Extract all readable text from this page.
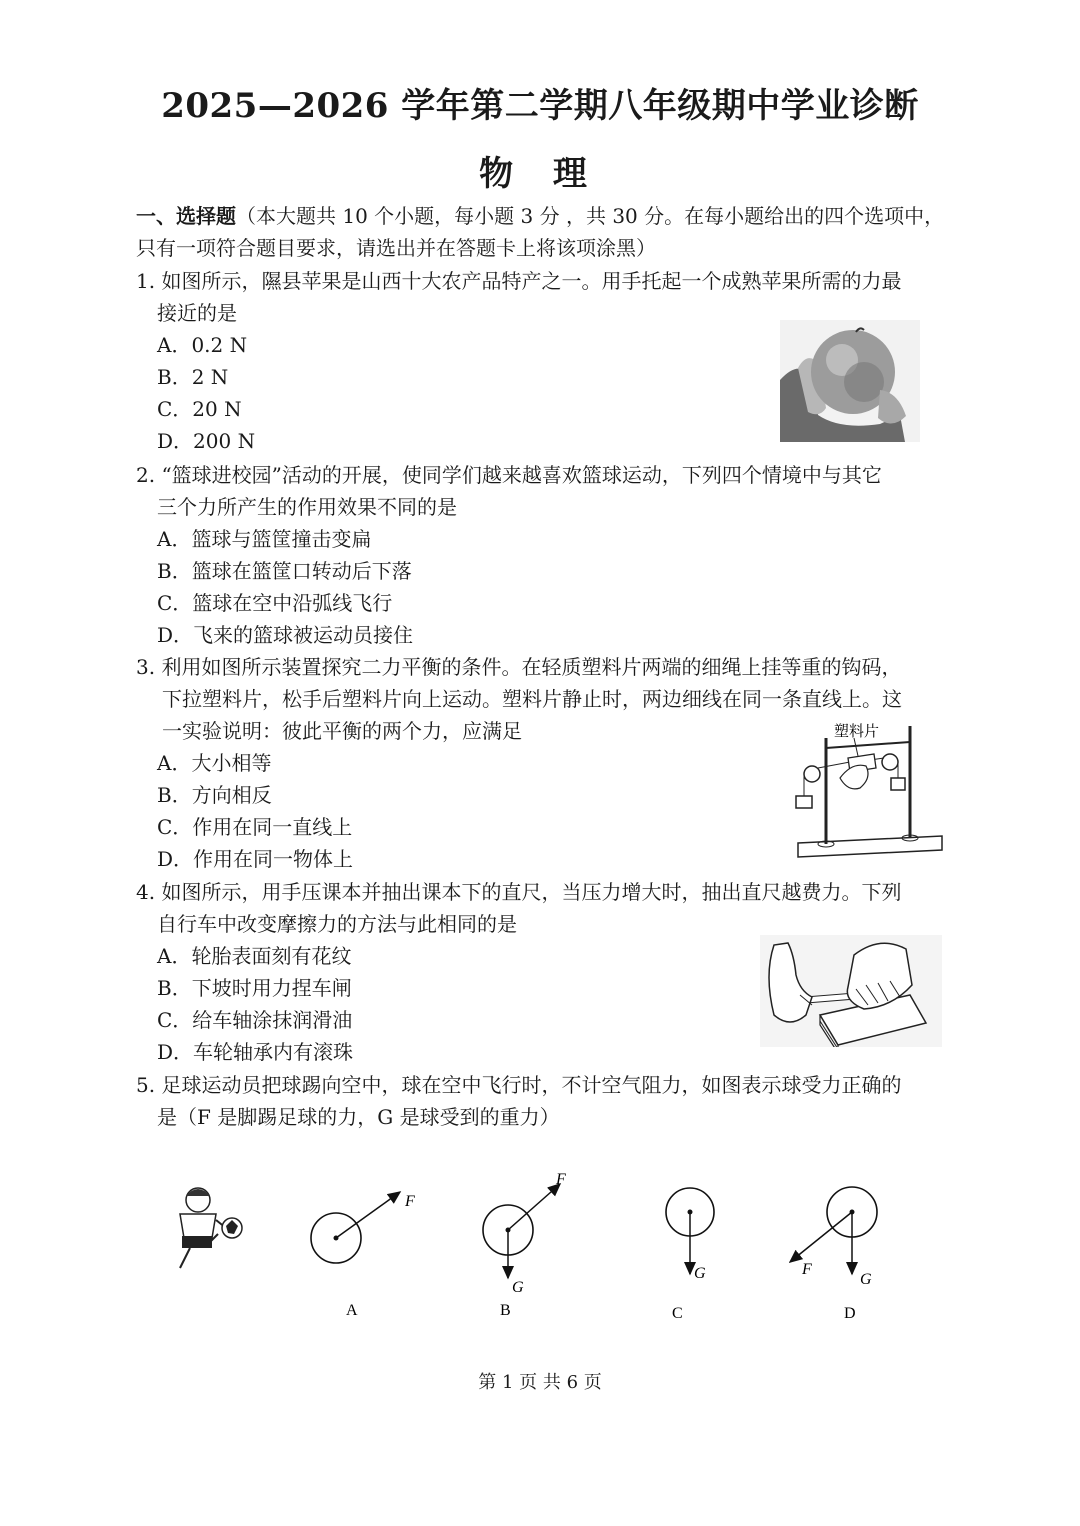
2025—2026 学年第二学期八年级期中学业诊断
物 理
一、选择题（本大题共 10 个小题，每小题 3 分 ，共 30 分。在每小题给出的四个选项中，
只有一项符合题目要求，请选出并在答题卡上将该项涂黑）
1. 如图所示，隰县苹果是山西十大农产品特产之一。用手托起一个成熟苹果所需的力最
接近的是
A．0.2 N
B．2 N
C．20 N
D．200 N
2. “篮球进校园”活动的开展，使同学们越来越喜欢篮球运动，下列四个情境中与其它
三个力所产生的作用效果不同的是
A．篮球与篮筐撞击变扁
B．篮球在篮筐口转动后下落
C．篮球在空中沿弧线飞行
D．飞来的篮球被运动员接住
3. 利用如图所示装置探究二力平衡的条件。在轻质塑料片两端的细绳上挂等重的钩码，
下拉塑料片，松手后塑料片向上运动。塑料片静止时，两边细线在同一条直线上。这
一实验说明：彼此平衡的两个力，应满足
A．大小相等
B．方向相反
C．作用在同一直线上
D．作用在同一物体上
塑料片
4. 如图所示，用手压课本并抽出课本下的直尺，当压力增大时，抽出直尺越费力。下列
自行车中改变摩擦力的方法与此相同的是
A．轮胎表面刻有花纹
B．下坡时用力捏车闸
C．给车轴涂抹润滑油
D．车轮轴承内有滚珠
5. 足球运动员把球踢向空中，球在空中飞行时，不计空气阻力，如图表示球受力正确的
是（F 是脚踢足球的力，G 是球受到的重力）
F
A
F
G
B
G
C
F
G
D
第 1 页 共 6 页
